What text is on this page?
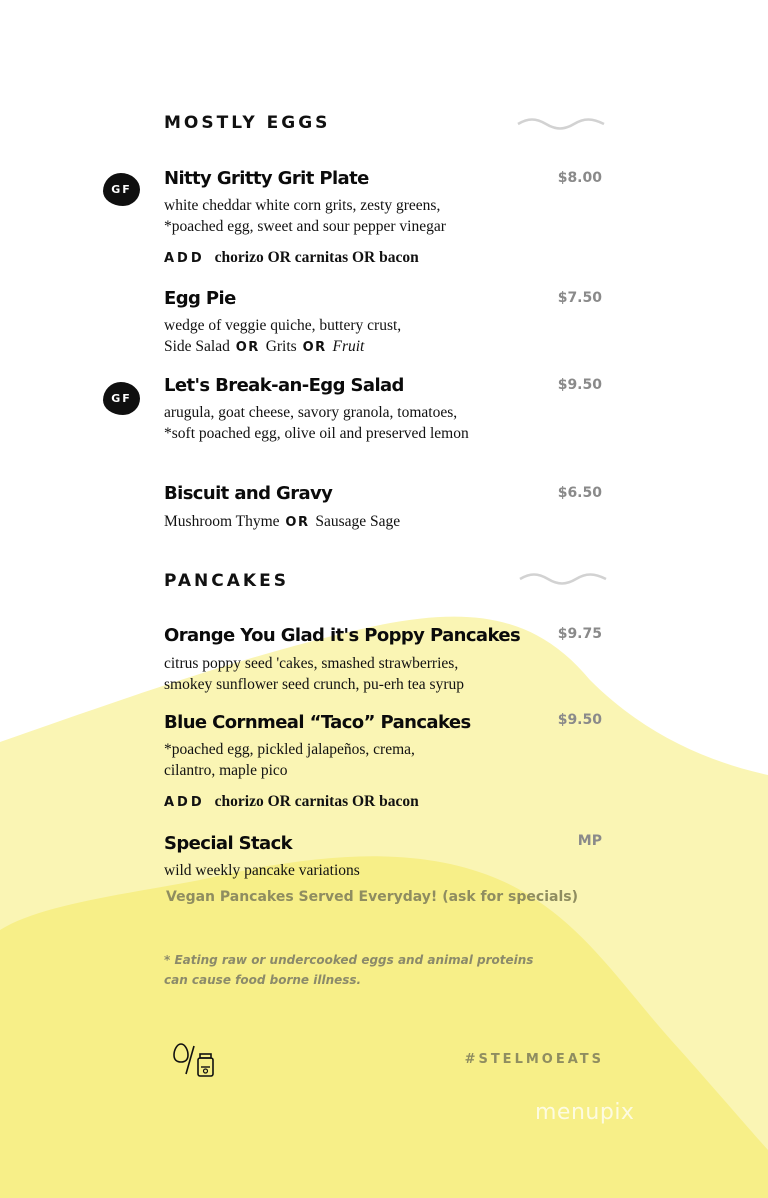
MOSTLY EGGS
GF
Nitty Gritty Grit Plate	$8.00
white cheddar white corn grits, zesty greens,
*poached egg, sweet and sour pepper vinegar
ADD chorizo OR carnitas OR bacon
Egg Pie	$7.50
wedge of veggie quiche, buttery crust,
Side Salad OR Grits OR Fruit
GF
Let's Break-an-Egg Salad	$9.50
arugula, goat cheese, savory granola, tomatoes,
*soft poached egg, olive oil and preserved lemon
Biscuit and Gravy	$6.50
Mushroom Thyme OR Sausage Sage
PANCAKES
Orange You Glad it's Poppy Pancakes	$9.75
citrus poppy seed 'cakes, smashed strawberries,
smokey sunflower seed crunch, pu-erh tea syrup
Blue Cornmeal “Taco” Pancakes	$9.50
*poached egg, pickled jalapeños, crema,
cilantro, maple pico
ADD chorizo OR carnitas OR bacon
Special Stack	MP
wild weekly pancake variations
Vegan Pancakes Served Everyday! (ask for specials)
* Eating raw or undercooked eggs and animal proteins
can cause food borne illness.
#STELMOEATS
menupix
